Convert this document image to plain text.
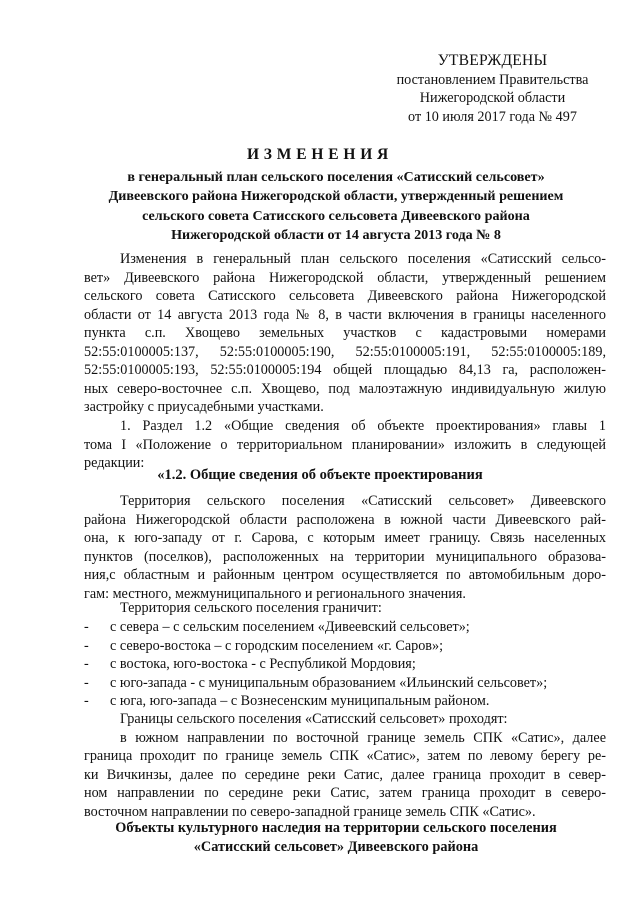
УТВЕРЖДЕНЫ
постановлением Правительства
Нижегородской области
от 10 июля 2017 года № 497
ИЗМЕНЕНИЯ
в генеральный план сельского поселения «Сатисский сельсовет»
Дивеевского района Нижегородской области, утвержденный решением
сельского совета Сатисского сельсовета Дивеевского района
Нижегородской области от 14 августа 2013 года № 8
Изменения в генеральный план сельского поселения «Сатисский сельсо-
вет» Дивеевского района Нижегородской области, утвержденный решением
сельского совета Сатисского сельсовета Дивеевского района Нижегородской
области от 14 августа 2013 года № 8, в части включения в границы населенного
пункта с.п. Хвощево земельных участков с кадастровыми номерами
52:55:0100005:137, 52:55:0100005:190, 52:55:0100005:191, 52:55:0100005:189,
52:55:0100005:193, 52:55:0100005:194 общей площадью 84,13 га, расположен-
ных северо-восточнее с.п. Хвощево, под малоэтажную индивидуальную жилую
застройку с приусадебными участками.
1. Раздел 1.2 «Общие сведения об объекте проектирования» главы 1
тома I «Положение о территориальном планировании» изложить в следующей
редакции:
«1.2. Общие сведения об объекте проектирования
Территория сельского поселения «Сатисский сельсовет» Дивеевского
района Нижегородской области расположена в южной части Дивеевского рай-
она, к юго-западу от г. Сарова, с которым имеет границу. Связь населенных
пунктов (поселков), расположенных на территории муниципального образова-
ния,с областным и районным центром осуществляется по автомобильным доро-
гам: местного, межмуниципального и регионального значения.
Территория сельского поселения граничит:
-	с севера – с сельским поселением «Дивеевский сельсовет»;
-	с северо-востока – с городским поселением «г. Саров»;
-	с востока, юго-востока - с Республикой Мордовия;
-	с юго-запада - с муниципальным образованием «Ильинский сельсовет»;
-	с юга, юго-запада – с Вознесенским муниципальным районом.
Границы сельского поселения «Сатисский сельсовет» проходят:
в южном направлении по восточной границе земель СПК «Сатис», далее
граница проходит по границе земель СПК «Сатис», затем по левому берегу ре-
ки Вичкинзы, далее по середине реки Сатис, далее граница проходит в север-
ном направлении по середине реки Сатис, затем граница проходит в северо-
восточном направлении по северо-западной границе земель СПК «Сатис».
Объекты культурного наследия на территории сельского поселения
«Сатисский сельсовет» Дивеевского района
